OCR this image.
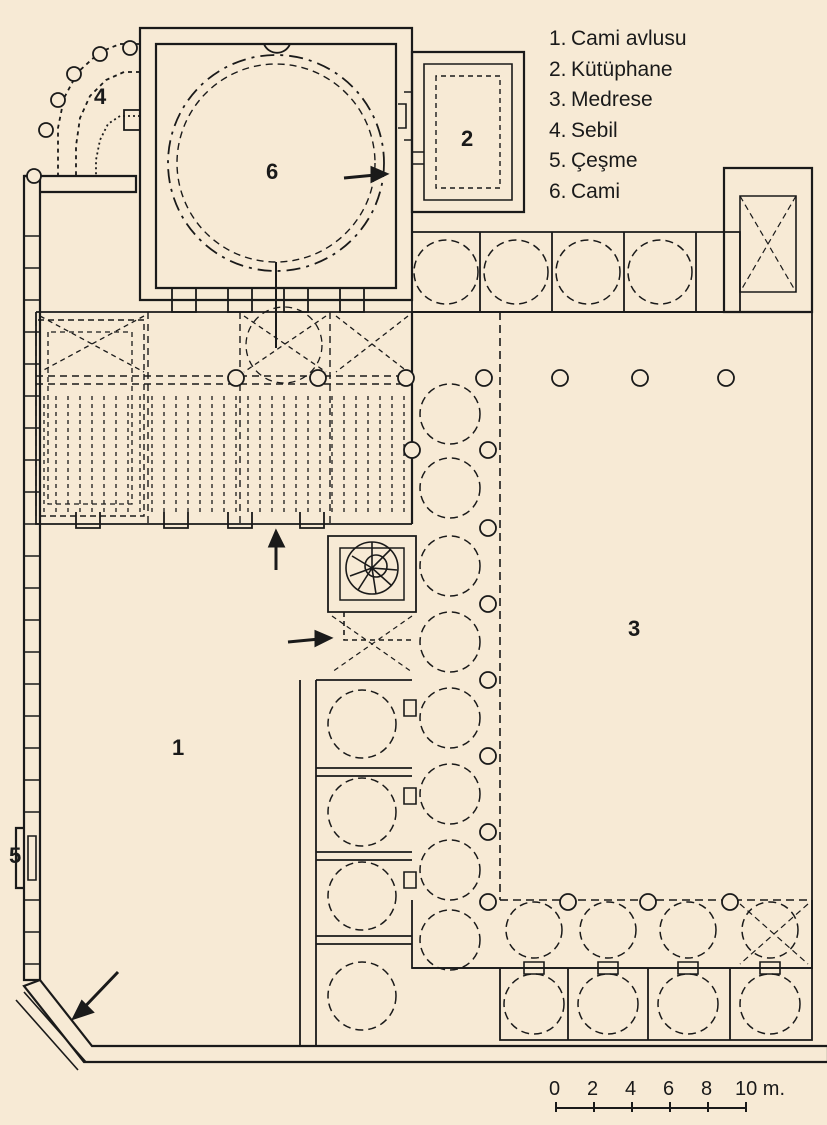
1. Cami avlusu
2. Kütüphane
3. Medrese
4. Sebil
5. Çeşme
6. Cami
4
6
2
3
1
5
0 2 4 6 8 10 m.
